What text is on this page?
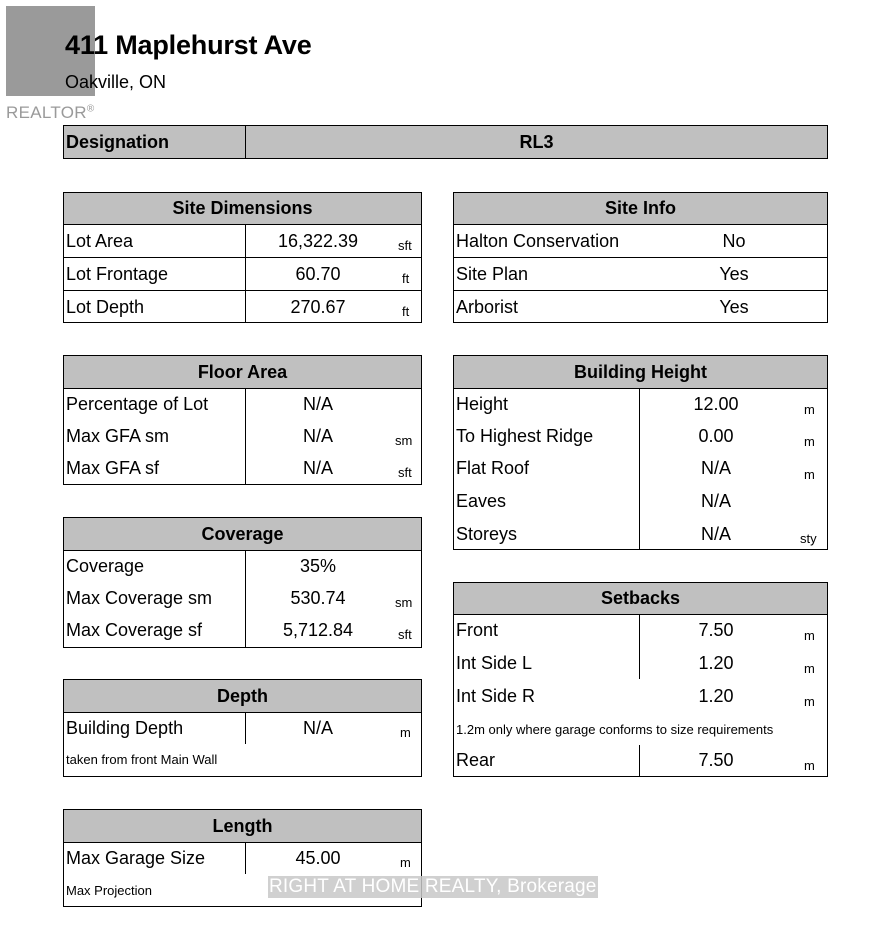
REALTOR®
411 Maplehurst Ave
Oakville, ON
Designation	RL3
Site Dimensions
Lot Area	16,322.39	sft
Lot Frontage	60.70	ft
Lot Depth	270.67	ft
Site Info
Halton Conservation	No
Site Plan	Yes
Arborist	Yes
Floor Area
Percentage of Lot	N/A
Max GFA sm	N/A	sm
Max GFA sf	N/A	sft
Building Height
Height	12.00	m
To Highest Ridge	0.00	m
Flat Roof	N/A	m
Eaves	N/A
Storeys	N/A	sty
Coverage
Coverage	35%
Max Coverage sm	530.74	sm
Max Coverage sf	5,712.84	sft
Setbacks
Front	7.50	m
Int Side L	1.20	m
Int Side R	1.20	m
1.2m only where garage conforms to size requirements
Rear	7.50	m
Depth
Building Depth	N/A	m
taken from front Main Wall
Length
Max Garage Size	45.00	m
Max Projection	RIGHT AT HOME REALTY, Brokerage
